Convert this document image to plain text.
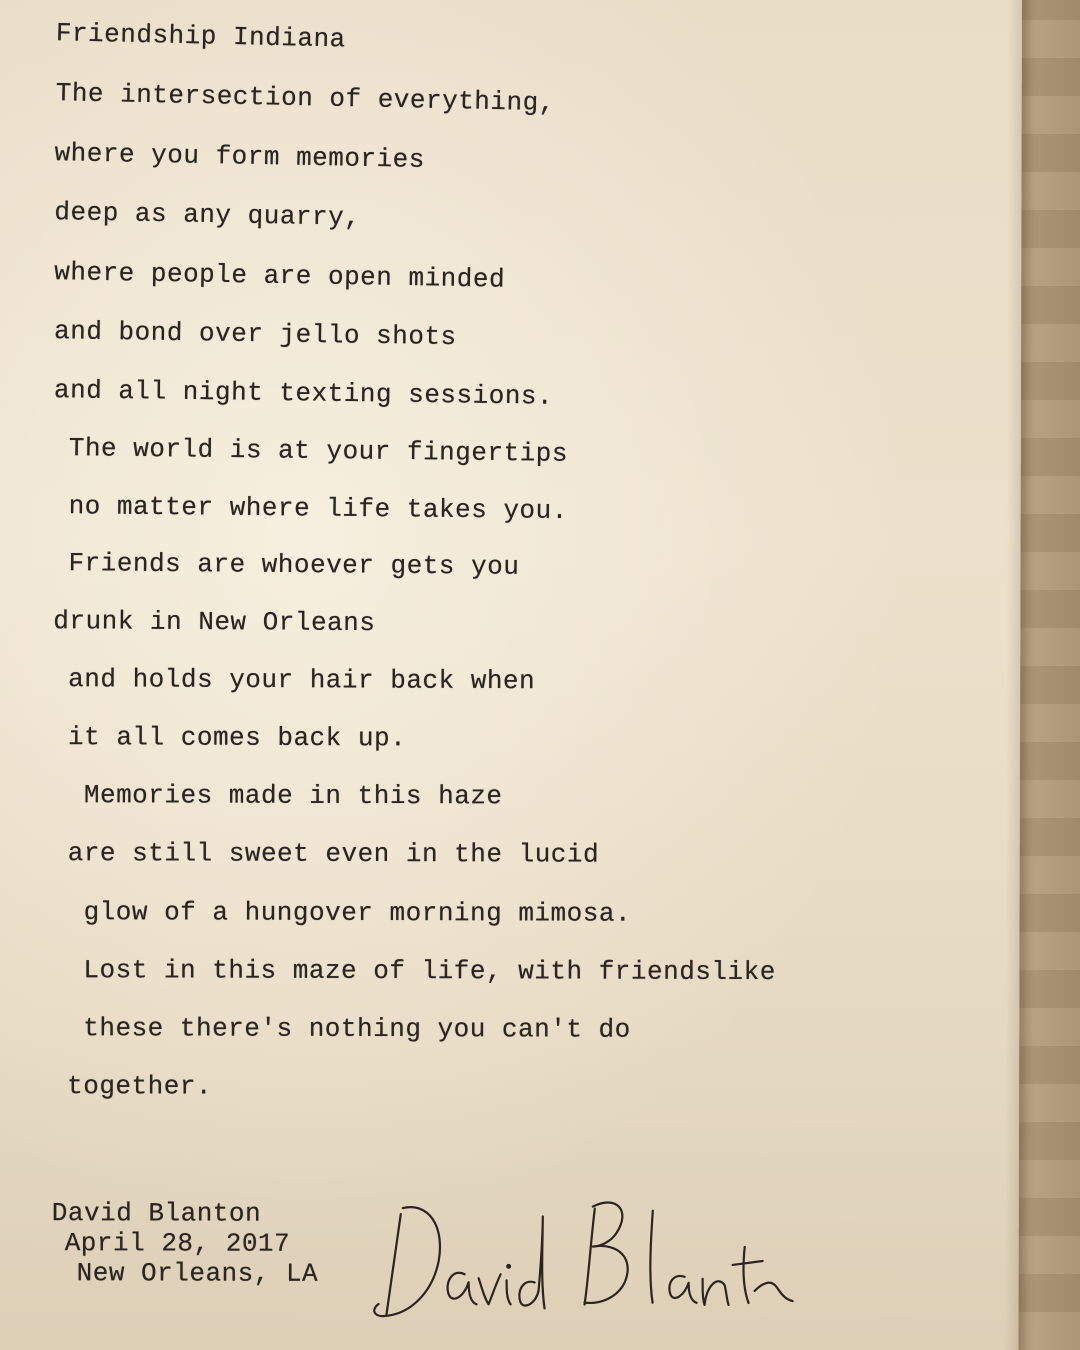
Friendship Indiana
The intersection of everything,
where you form memories
deep as any quarry,
where people are open minded
and bond over jello shots
and all night texting sessions.
The world is at your fingertips
no matter where life takes you.
Friends are whoever gets you
drunk in New Orleans
and holds your hair back when
it all comes back up.
Memories made in this haze
are still sweet even in the lucid
glow of a hungover morning mimosa.
Lost in this maze of life, with friendslike
these there's nothing you can't do
together.
David Blanton
April 28, 2017
New Orleans, LA
